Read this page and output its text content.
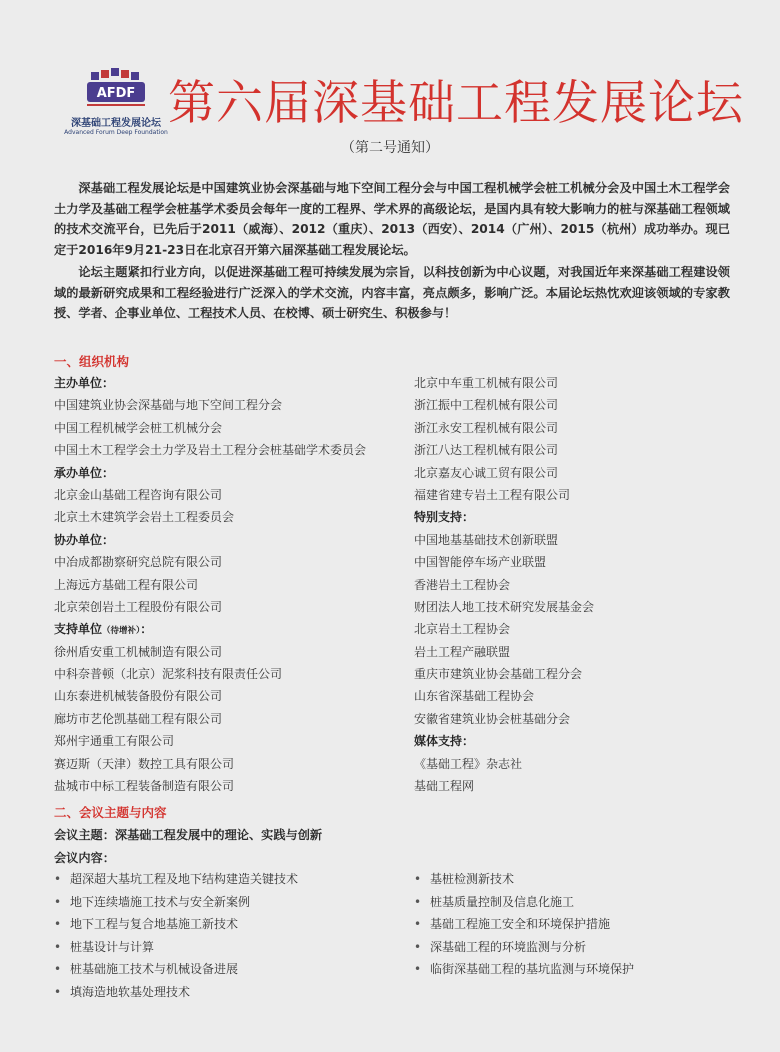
AFDF
深基础工程发展论坛
Advanced Forum Deep Foundation
第六届深基础工程发展论坛
（第二号通知）

深基础工程发展论坛是中国建筑业协会深基础与地下空间工程分会与中国工程机械学会桩工机械分会及中国土木工程学会土力学及基础工程学会桩基学术委员会每年一度的工程界、学术界的高级论坛，是国内具有较大影响力的桩与深基础工程领域的技术交流平台，已先后于2011（威海）、2012（重庆）、2013（西安）、2014（广州）、2015（杭州）成功举办。现已定于2016年9月21-23日在北京召开第六届深基础工程发展论坛。

论坛主题紧扣行业方向，以促进深基础工程可持续发展为宗旨，以科技创新为中心议题，对我国近年来深基础工程建设领域的最新研究成果和工程经验进行广泛深入的学术交流，内容丰富，亮点颇多，影响广泛。本届论坛热忱欢迎该领域的专家教授、学者、企事业单位、工程技术人员、在校博、硕士研究生、积极参与！

一、组织机构
主办单位：
中国建筑业协会深基础与地下空间工程分会
中国工程机械学会桩工机械分会
中国土木工程学会土力学及岩土工程分会桩基础学术委员会
承办单位：
北京金山基础工程咨询有限公司
北京土木建筑学会岩土工程委员会
协办单位：
中冶成都勘察研究总院有限公司
上海远方基础工程有限公司
北京荣创岩土工程股份有限公司
支持单位（待增补）：
徐州盾安重工机械制造有限公司
中科奈普顿（北京）泥浆科技有限责任公司
山东泰进机械装备股份有限公司
廊坊市艺伦凯基础工程有限公司
郑州宇通重工有限公司
赛迈斯（天津）数控工具有限公司
盐城市中标工程装备制造有限公司
北京中车重工机械有限公司
浙江振中工程机械有限公司
浙江永安工程机械有限公司
浙江八达工程机械有限公司
北京嘉友心诚工贸有限公司
福建省建专岩土工程有限公司
特别支持：
中国地基基础技术创新联盟
中国智能停车场产业联盟
香港岩土工程协会
财团法人地工技术研究发展基金会
北京岩土工程协会
岩土工程产融联盟
重庆市建筑业协会基础工程分会
山东省深基础工程协会
安徽省建筑业协会桩基础分会
媒体支持：
《基础工程》杂志社
基础工程网
二、会议主题与内容
会议主题：深基础工程发展中的理论、实践与创新
会议内容：
• 超深超大基坑工程及地下结构建造关键技术
• 地下连续墙施工技术与安全新案例
• 地下工程与复合地基施工新技术
• 桩基设计与计算
• 桩基础施工技术与机械设备进展
• 填海造地软基处理技术
• 基桩检测新技术
• 桩基质量控制及信息化施工
• 基础工程施工安全和环境保护措施
• 深基础工程的环境监测与分析
• 临街深基础工程的基坑监测与环境保护
